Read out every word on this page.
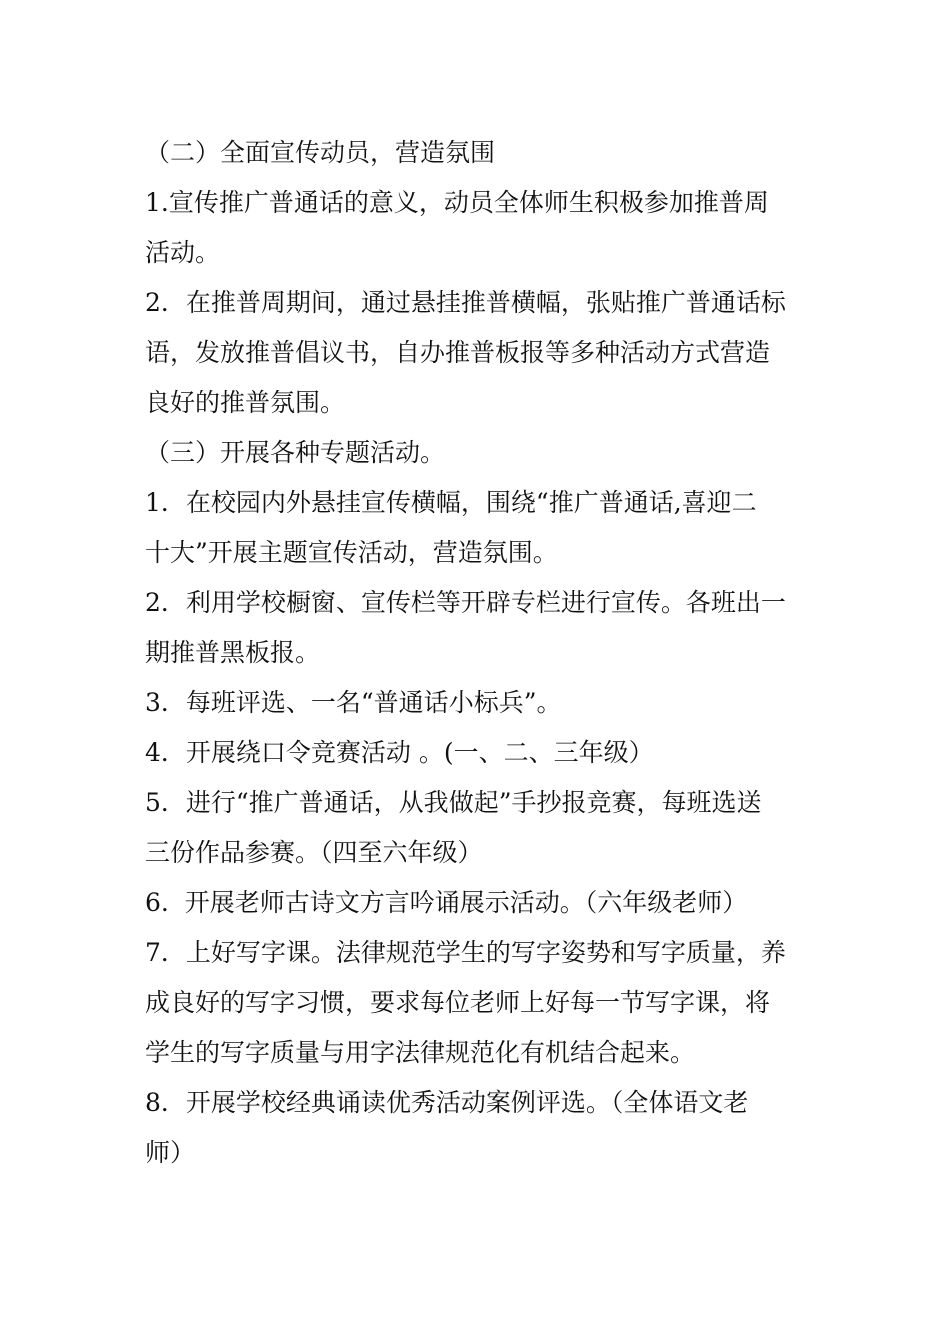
（二）全面宣传动员，营造氛围
1.宣传推广普通话的意义，动员全体师生积极参加推普周
活动。
2．在推普周期间，通过悬挂推普横幅，张贴推广普通话标
语，发放推普倡议书，自办推普板报等多种活动方式营造
良好的推普氛围。
（三）开展各种专题活动。
1．在校园内外悬挂宣传横幅，围绕“推广普通话,喜迎二
十大”开展主题宣传活动，营造氛围。
2．利用学校橱窗、宣传栏等开辟专栏进行宣传。各班出一
期推普黑板报。
3．每班评选、一名“普通话小标兵”。
4．开展绕口令竞赛活动 。(一、二、三年级）
5．进行“推广普通话，从我做起”手抄报竞赛，每班选送
三份作品参赛。（四至六年级）
6.  开展老师古诗文方言吟诵展示活动。（六年级老师）
7．上好写字课。法律规范学生的写字姿势和写字质量，养
成良好的写字习惯，要求每位老师上好每一节写字课，将
学生的写字质量与用字法律规范化有机结合起来。
8．开展学校经典诵读优秀活动案例评选。（全体语文老
师）
